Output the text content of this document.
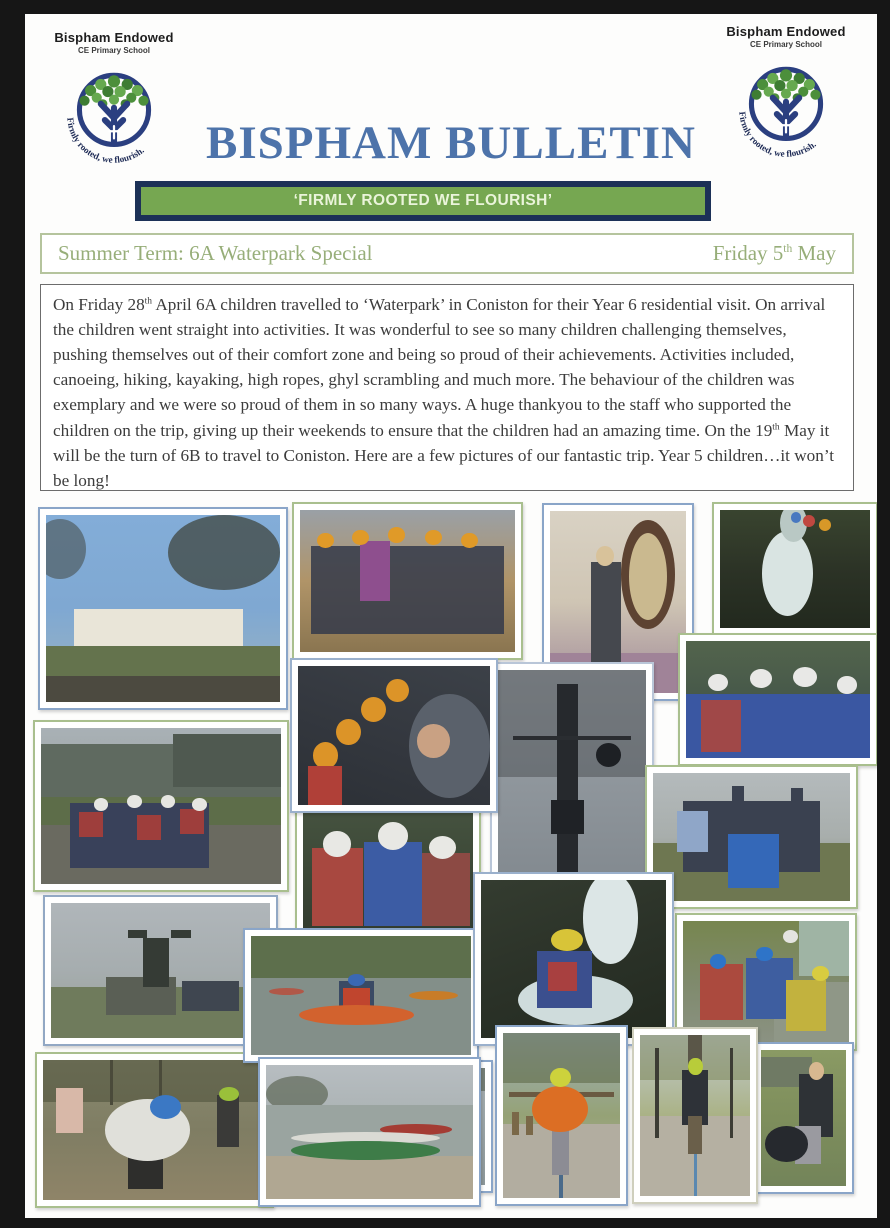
Bispham Endowed
CE Primary School
Firmly rooted, we flourish.
Bispham Endowed
CE Primary School
Firmly rooted, we flourish.
BISPHAM BULLETIN
‘FIRMLY ROOTED WE FLOURISH’
Summer Term: 6A Waterpark Special	Friday 5th May
On Friday 28th April 6A children travelled to ‘Waterpark’ in Coniston for their Year 6 residential visit. On arrival the children went straight into activities. It was wonderful to see so many children challenging themselves, pushing themselves out of their comfort zone and being so proud of their achievements. Activities included, canoeing, hiking, kayaking, high ropes, ghyl scrambling and much more. The behaviour of the children was exemplary and we were so proud of them in so many ways. A huge thankyou to the staff who supported the children on the trip, giving up their weekends to ensure that the children had an amazing time. On the 19th May it will be the turn of 6B to travel to Coniston. Here are a few pictures of our fantastic trip. Year 5 children…it won’t be long!
